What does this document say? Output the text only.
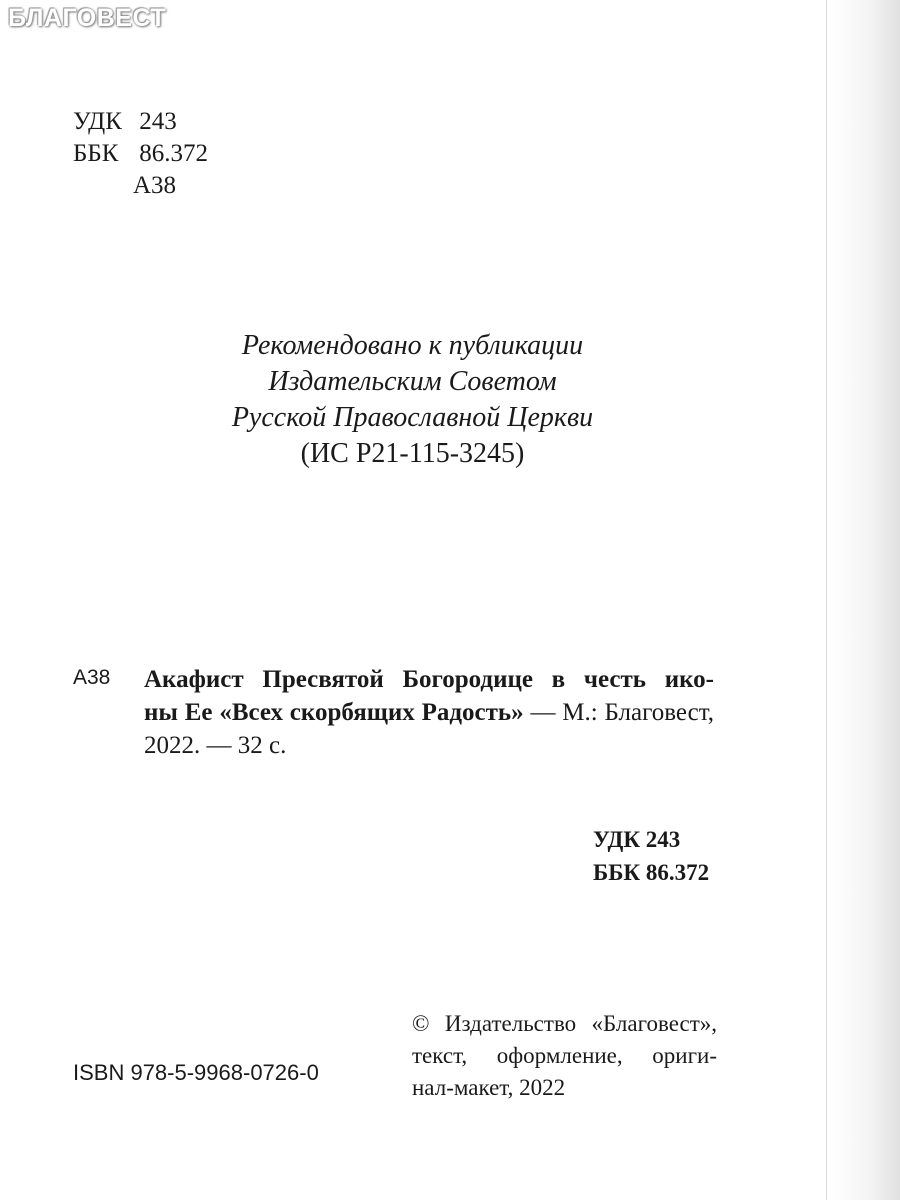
БЛАГОВЕСТ
УДК 243
ББК 86.372
А38
Рекомендовано к публикации
Издательским Советом
Русской Православной Церкви
(ИС Р21-115-3245)
А38 Акафист Пресвятой Богородице в честь ико-
ны Ее «Всех скорбящих Радость» — М.: Благовест,
2022. — 32 с.
УДК 243
ББК 86.372
© Издательство «Благовест»,
текст, оформление, ориги-
нал-макет, 2022
ISBN 978-5-9968-0726-0
